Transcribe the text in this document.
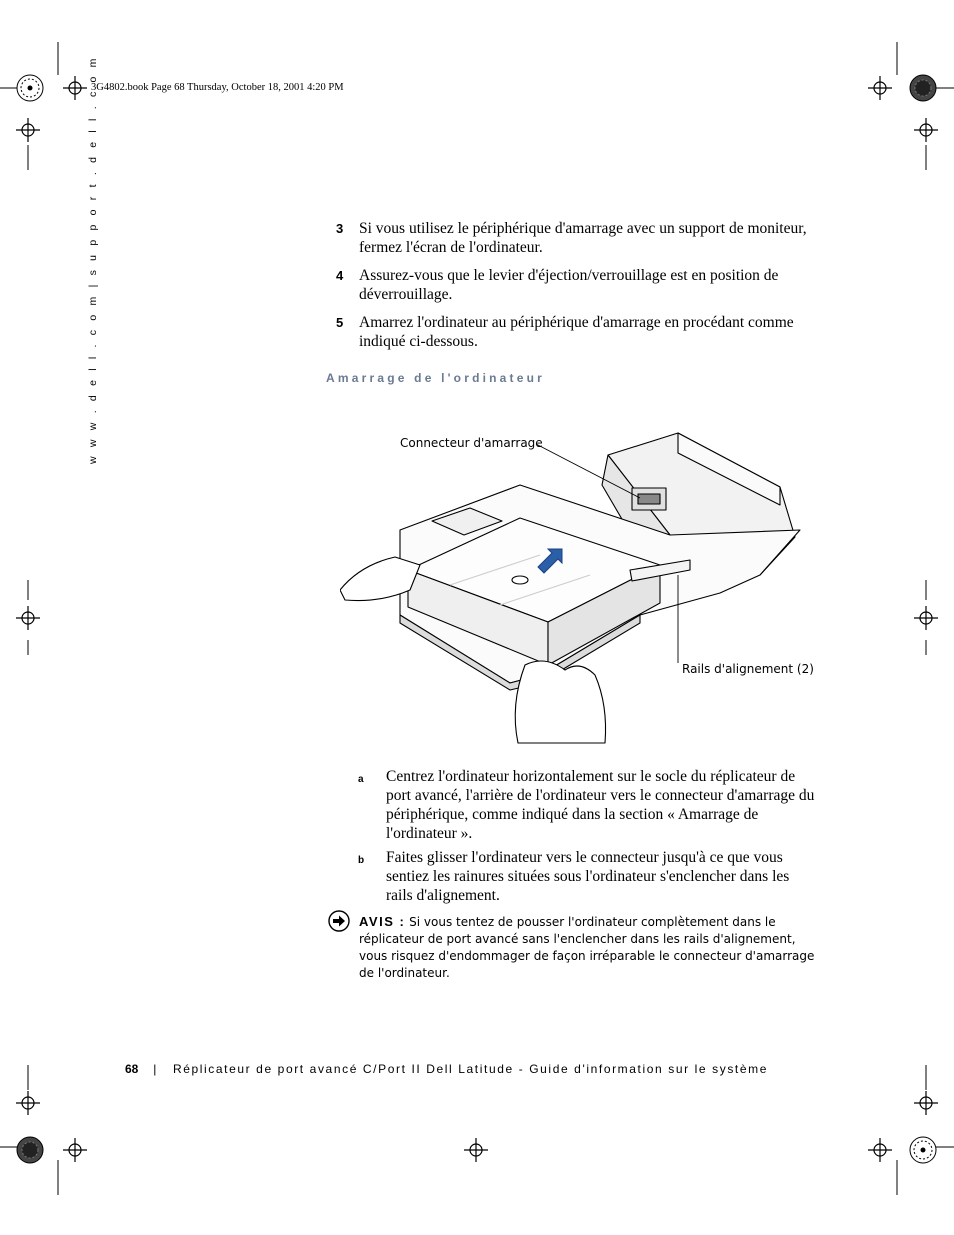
3G4802.book Page 68 Thursday, October 18, 2001 4:20 PM
w w w . d e l l . c o m | s u p p o r t . d e l l . c o m	3 Si vous utilisez le périphérique d'amarrage avec un support de moniteur, fermez l'écran de l'ordinateur.
4 Assurez-vous que le levier d'éjection/verrouillage est en position de déverrouillage.
5 Amarrez l'ordinateur au périphérique d'amarrage en procédant comme indiqué ci-dessous.
Amarrage de l'ordinateur
Connecteur d'amarrage
Rails d'alignement (2)
a Centrez l'ordinateur horizontalement sur le socle du réplicateur de port avancé, l'arrière de l'ordinateur vers le connecteur d'amarrage du périphérique, comme indiqué dans la section « Amarrage de l'ordinateur ».
b Faites glisser l'ordinateur vers le connecteur jusqu'à ce que vous sentiez les rainures situées sous l'ordinateur s'enclencher dans les rails d'alignement.
AVIS : Si vous tentez de pousser l'ordinateur complètement dans le réplicateur de port avancé sans l'enclencher dans les rails d'alignement, vous risquez d'endommager de façon irréparable le connecteur d'amarrage de l'ordinateur.
68 | Réplicateur de port avancé C/Port II Dell Latitude - Guide d'information sur le système
